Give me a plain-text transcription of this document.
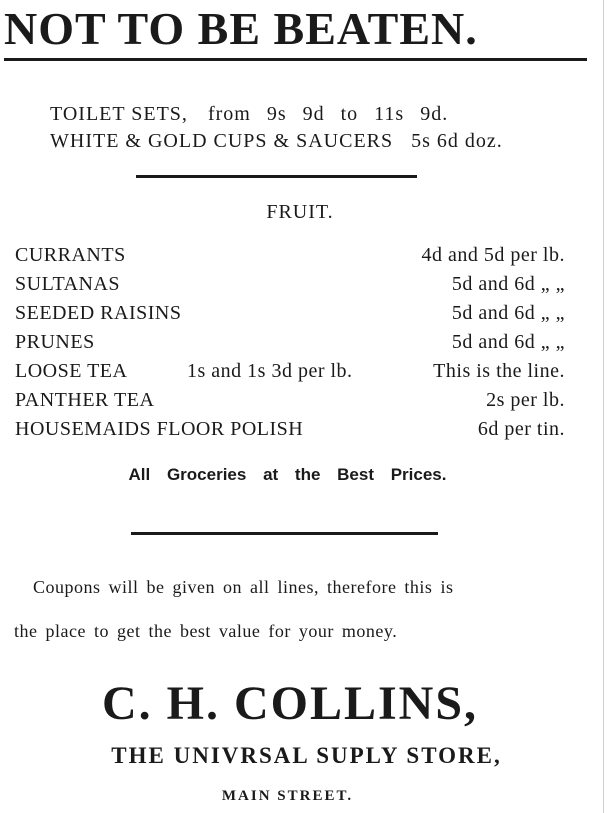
NOT TO BE BEATEN.
TOILET SETS, from 9s 9d to 11s 9d.
WHITE & GOLD CUPS & SAUCERS 5s 6d doz.
FRUIT.
CURRANTS	4d and 5d per lb.
SULTANAS	5d and 6d „ „
SEEDED RAISINS	5d and 6d „ „
PRUNES	5d and 6d „ „
LOOSE TEA	1s and 1s 3d per lb.	This is the line.
PANTHER TEA	2s per lb.
HOUSEMAIDS FLOOR POLISH	6d per tin.
All Groceries at the Best Prices.
Coupons will be given on all lines, therefore this is
the place to get the best value for your money.
C. H. COLLINS,
THE UNIVRSAL SUPLY STORE,
MAIN STREET.
